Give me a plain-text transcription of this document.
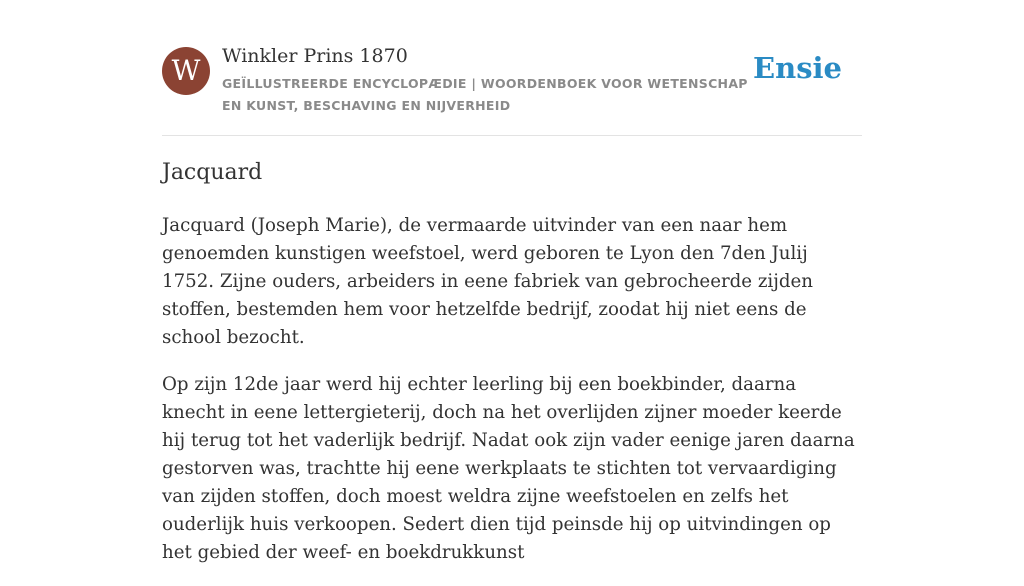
W	Winkler Prins 1870
GEÏLLUSTREERDE ENCYCLOPÆDIE | WOORDENBOEK VOOR WETENSCHAP EN KUNST, BESCHAVING EN NIJVERHEID
Ensie
Jacquard

Jacquard (Joseph Marie), de vermaarde uitvinder van een naar hem genoemden kunstigen weefstoel, werd geboren te Lyon den 7den Julij 1752. Zijne ouders, arbeiders in eene fabriek van gebrocheerde zijden stoffen, bestemden hem voor hetzelfde bedrijf, zoodat hij niet eens de school bezocht.

Op zijn 12de jaar werd hij echter leerling bij een boekbinder, daarna knecht in eene lettergieterij, doch na het overlijden zijner moeder keerde hij terug tot het vaderlijk bedrijf. Nadat ook zijn vader eenige jaren daarna gestorven was, trachtte hij eene werkplaats te stichten tot vervaardiging van zijden stoffen, doch moest weldra zijne weefstoelen en zelfs het ouderlijk huis verkoopen. Sedert dien tijd peinsde hij op uitvindingen op het gebied der weef- en boekdrukkunst
